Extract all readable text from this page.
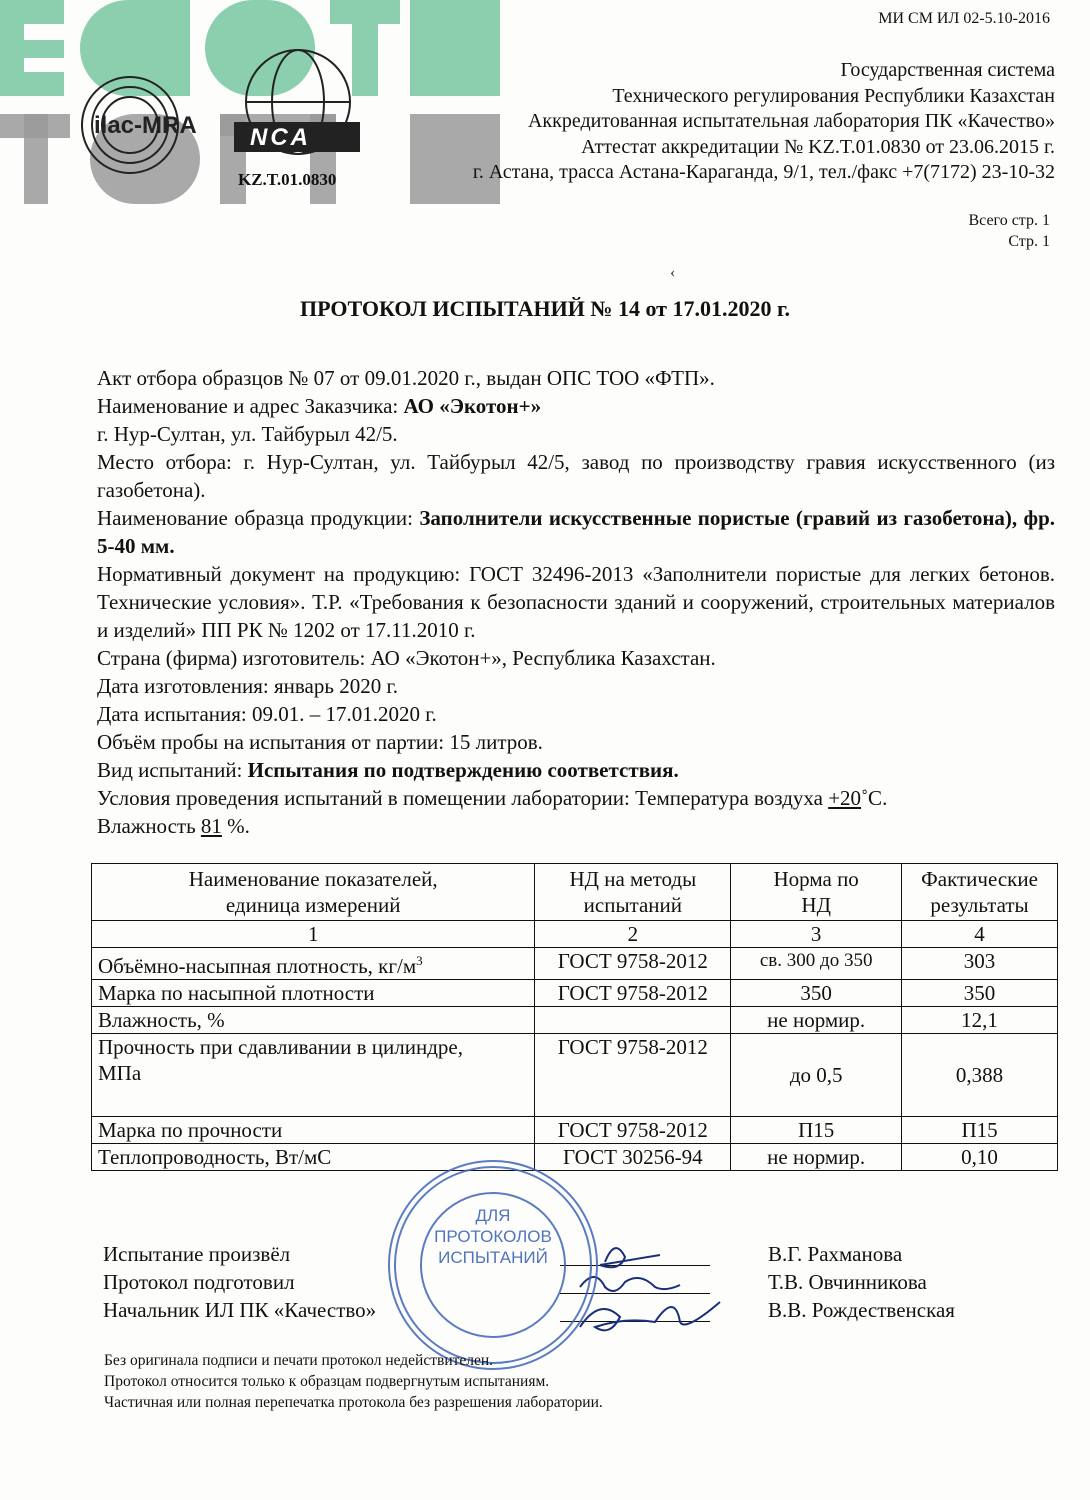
ilac-MRA NCA
KZ.T.01.0830
МИ СМ ИЛ 02-5.10-2016
Государственная система
Технического регулирования Республики Казахстан
Аккредитованная испытательная лаборатория ПК «Качество»
Аттестат аккредитации № KZ.T.01.0830 от 23.06.2015 г.
г. Астана, трасса Астана-Караганда, 9/1, тел./факс +7(7172) 23-10-32
Всего стр. 1
Стр. 1
‹
ПРОТОКОЛ ИСПЫТАНИЙ № 14 от 17.01.2020 г.

Акт отбора образцов № 07 от 09.01.2020 г., выдан ОПС ТОО «ФТП».

Наименование и адрес Заказчика: АО «Экотон+»

г. Нур-Султан, ул. Тайбурыл 42/5.

Место отбора: г. Нур-Султан, ул. Тайбурыл 42/5, завод по производству гравия искусственного (из газобетона).

Наименование образца продукции: Заполнители искусственные пористые (гравий из газобетона), фр. 5-40 мм.

Нормативный документ на продукцию: ГОСТ 32496-2013 «Заполнители пористые для легких бетонов. Технические условия». Т.Р. «Требования к безопасности зданий и сооружений, строительных материалов и изделий» ПП РК № 1202 от 17.11.2010 г.

Страна (фирма) изготовитель: АО «Экотон+», Республика Казахстан.

Дата изготовления: январь 2020 г.

Дата испытания: 09.01. – 17.01.2020 г.

Объём пробы на испытания от партии: 15 литров.

Вид испытаний: Испытания по подтверждению соответствия.

Условия проведения испытаний в помещении лаборатории: Температура воздуха +20˚С.

Влажность 81 %.

Наименование показателей, единица измерений	НД на методы испытаний	Норма по НД	Фактические результаты
1	2	3	4
Объёмно-насыпная плотность, $кг/м^3$	ГОСТ 9758-2012	св. 300 до 350	303
Марка по насыпной плотности	ГОСТ 9758-2012	350	350
Влажность, %		не нормир.	12,1
Прочность при сдавливании в цилиндре, МПа	ГОСТ 9758-2012	до 0,5	0,388
Марка по прочности	ГОСТ 9758-2012	П15	П15
Теплопроводность, Вт/мС	ГОСТ 30256-94	не нормир.	0,10
Испытание произвёл
Протокол подготовил
Начальник ИЛ ПК «Качество»
В.Г. Рахманова
Т.В. Овчинникова
В.В. Рождественская
ДЛЯ
ПРОТОКОЛОВ
ИСПЫТАНИЙ
Без оригинала подписи и печати протокол недействителен.
Протокол относится только к образцам подвергнутым испытаниям.
Частичная или полная перепечатка протокола без разрешения лаборатории.
